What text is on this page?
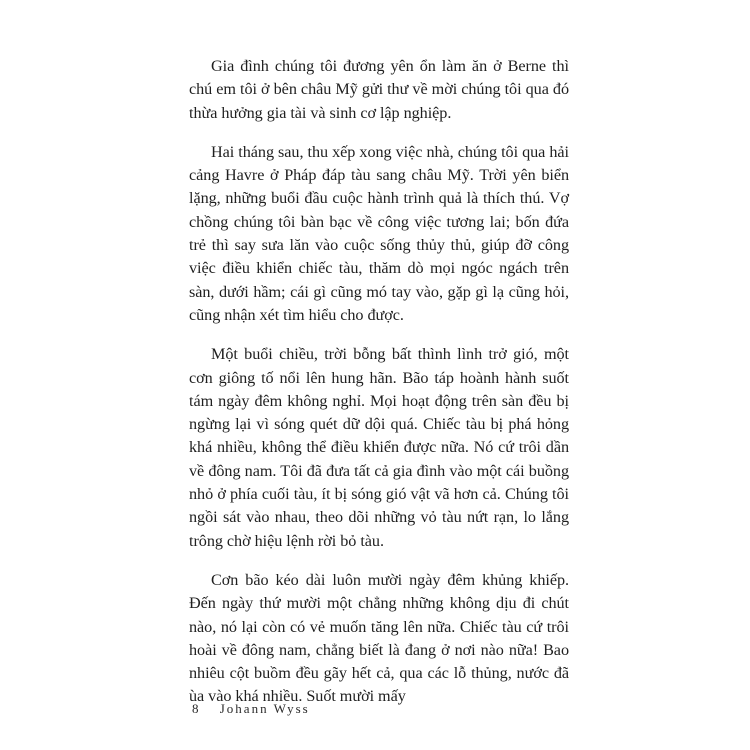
Gia đình chúng tôi đương yên ổn làm ăn ở Berne thì chú em tôi ở bên châu Mỹ gửi thư về mời chúng tôi qua đó thừa hưởng gia tài và sinh cơ lập nghiệp.

Hai tháng sau, thu xếp xong việc nhà, chúng tôi qua hải cảng Havre ở Pháp đáp tàu sang châu Mỹ. Trời yên biển lặng, những buổi đầu cuộc hành trình quả là thích thú. Vợ chồng chúng tôi bàn bạc về công việc tương lai; bốn đứa trẻ thì say sưa lăn vào cuộc sống thủy thủ, giúp đỡ công việc điều khiển chiếc tàu, thăm dò mọi ngóc ngách trên sàn, dưới hầm; cái gì cũng mó tay vào, gặp gì lạ cũng hỏi, cũng nhận xét tìm hiểu cho được.

Một buổi chiều, trời bỗng bất thình lình trở gió, một cơn giông tố nổi lên hung hãn. Bão táp hoành hành suốt tám ngày đêm không nghỉ. Mọi hoạt động trên sàn đều bị ngừng lại vì sóng quét dữ dội quá. Chiếc tàu bị phá hỏng khá nhiều, không thể điều khiển được nữa. Nó cứ trôi dần về đông nam. Tôi đã đưa tất cả gia đình vào một cái buồng nhỏ ở phía cuối tàu, ít bị sóng gió vật vã hơn cả. Chúng tôi ngồi sát vào nhau, theo dõi những vỏ tàu nứt rạn, lo lắng trông chờ hiệu lệnh rời bỏ tàu.

Cơn bão kéo dài luôn mười ngày đêm khủng khiếp. Đến ngày thứ mười một chẳng những không dịu đi chút nào, nó lại còn có vẻ muốn tăng lên nữa. Chiếc tàu cứ trôi hoài về đông nam, chẳng biết là đang ở nơi nào nữa! Bao nhiêu cột buồm đều gãy hết cả, qua các lỗ thủng, nước đã ùa vào khá nhiều. Suốt mười mấy

8 Johann Wyss
